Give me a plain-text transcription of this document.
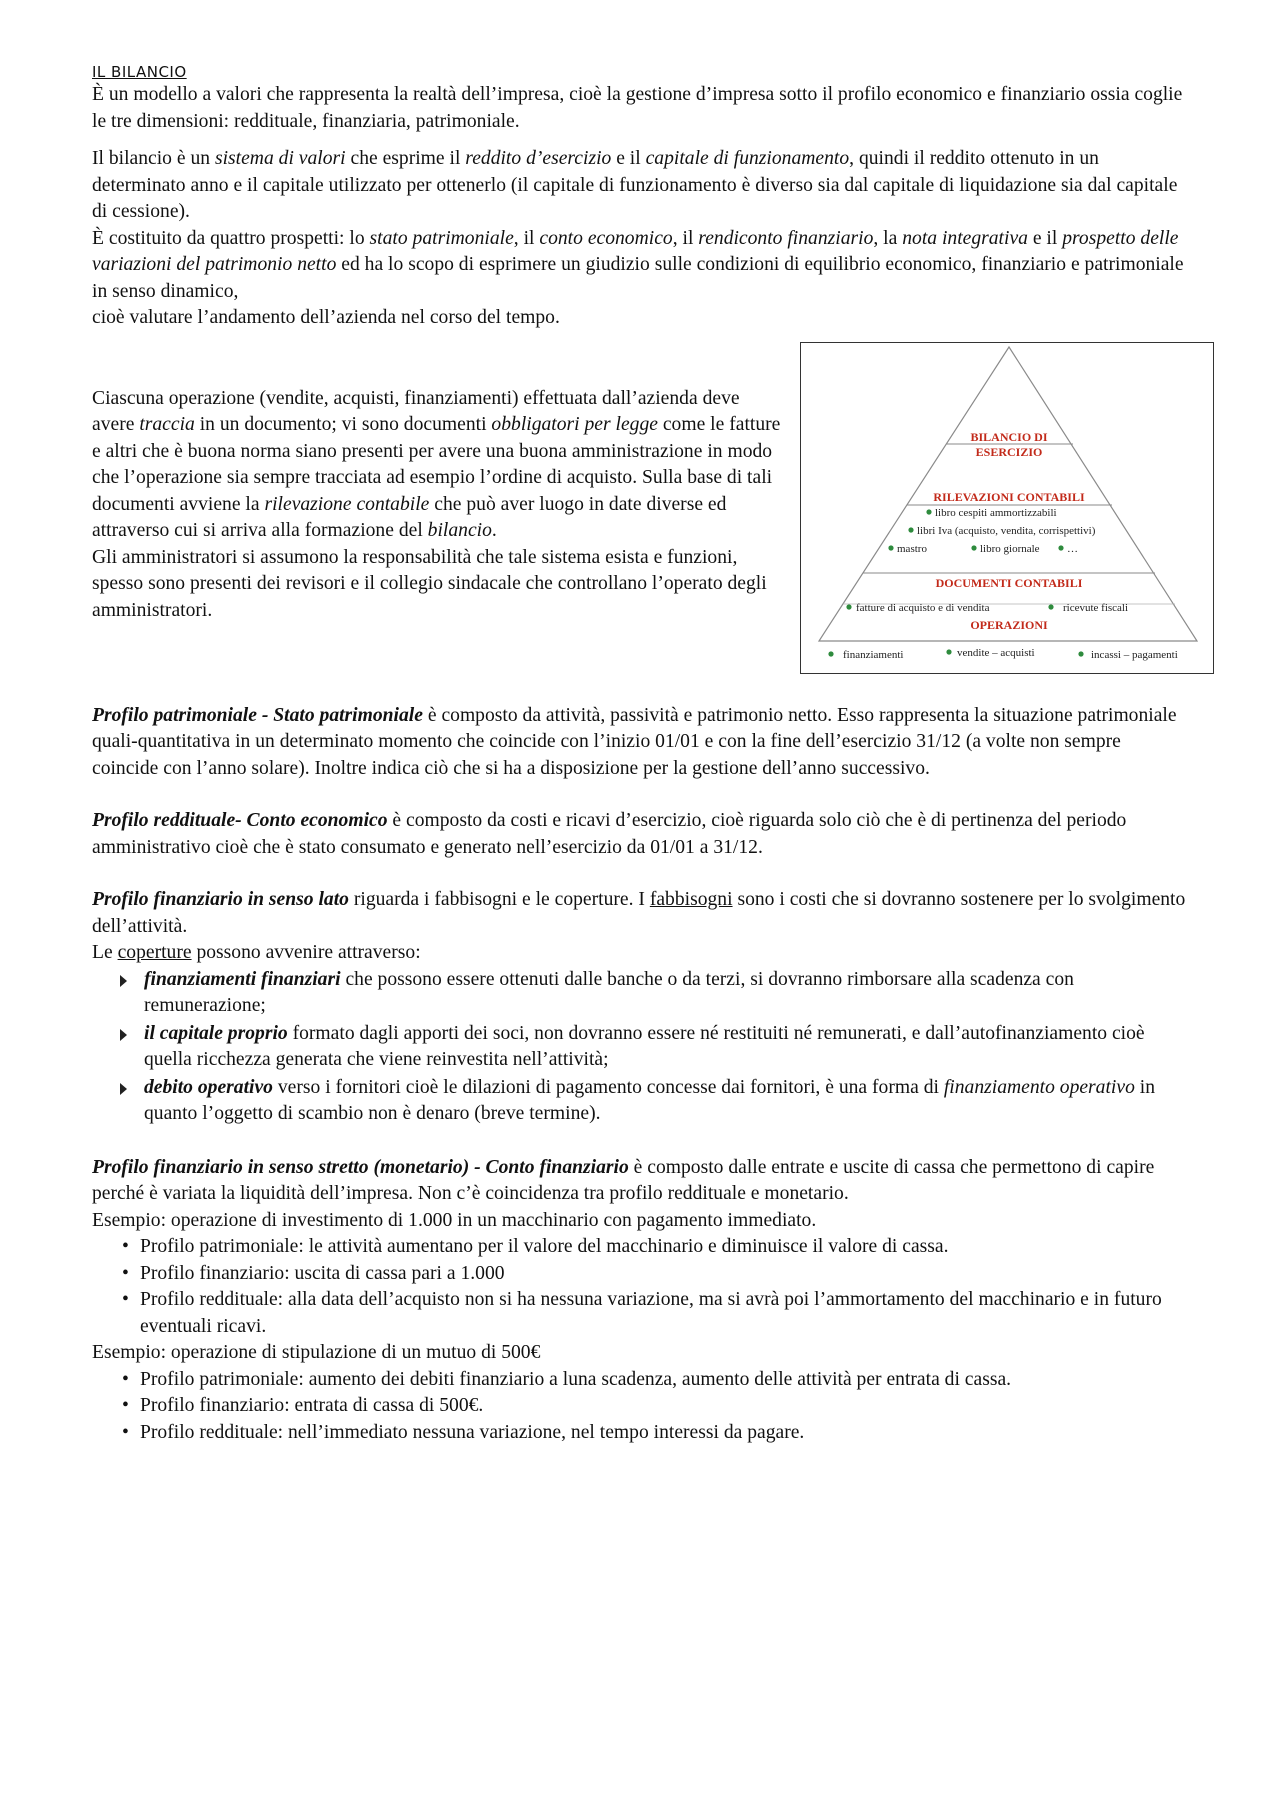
IL BILANCIO

È un modello a valori che rappresenta la realtà dell’impresa, cioè la gestione d’impresa sotto il profilo economico e finanziario ossia coglie le tre dimensioni: reddituale, finanziaria, patrimoniale.

Il bilancio è un sistema di valori che esprime il reddito d’esercizio e il capitale di funzionamento, quindi il reddito ottenuto in un determinato anno e il capitale utilizzato per ottenerlo (il capitale di funzionamento è diverso sia dal capitale di liquidazione sia dal capitale di cessione).

È costituito da quattro prospetti: lo stato patrimoniale, il conto economico, il rendiconto finanziario, la nota integrativa e il prospetto delle variazioni del patrimonio netto ed ha lo scopo di esprimere un giudizio sulle condizioni di equilibrio economico, finanziario e patrimoniale in senso dinamico,
cioè valutare l’andamento dell’azienda nel corso del tempo.

Ciascuna operazione (vendite, acquisti, finanziamenti) effettuata dall’azienda deve avere traccia in un documento; vi sono documenti obbligatori per legge come le fatture e altri che è buona norma siano presenti per avere una buona amministrazione in modo che l’operazione sia sempre tracciata ad esempio l’ordine di acquisto. Sulla base di tali documenti avviene la rilevazione contabile che può aver luogo in date diverse ed attraverso cui si arriva alla formazione del bilancio.

Gli amministratori si assumono la responsabilità che tale sistema esista e funzioni, spesso sono presenti dei revisori e il collegio sindacale che controllano l’operato degli amministratori.

BILANCIO DI
ESERCIZIO
RILEVAZIONI CONTABILI
libro cespiti ammortizzabili
libri Iva (acquisto, vendita, corrispettivi)
mastro	libro giornale …
DOCUMENTI CONTABILI
fatture di acquisto e di vendita	ricevute fiscali
OPERAZIONI
finanziamenti	vendite – acquisti	incassi – pagamenti

Profilo patrimoniale - Stato patrimoniale è composto da attività, passività e patrimonio netto. Esso rappresenta la situazione patrimoniale quali-quantitativa in un determinato momento che coincide con l’inizio 01/01 e con la fine dell’esercizio 31/12 (a volte non sempre coincide con l’anno solare). Inoltre indica ciò che si ha a disposizione per la gestione dell’anno successivo.

Profilo reddituale- Conto economico è composto da costi e ricavi d’esercizio, cioè riguarda solo ciò che è di pertinenza del periodo amministrativo cioè che è stato consumato e generato nell’esercizio da 01/01 a 31/12.

Profilo finanziario in senso lato riguarda i fabbisogni e le coperture. I fabbisogni sono i costi che si dovranno sostenere per lo svolgimento dell’attività.

Le coperture possono avvenire attraverso:

finanziamenti finanziari che possono essere ottenuti dalle banche o da terzi, si dovranno rimborsare alla scadenza con remunerazione;
il capitale proprio formato dagli apporti dei soci, non dovranno essere né restituiti né remunerati, e dall’autofinanziamento cioè quella ricchezza generata che viene reinvestita nell’attività;
debito operativo verso i fornitori cioè le dilazioni di pagamento concesse dai fornitori, è una forma di finanziamento operativo in quanto l’oggetto di scambio non è denaro (breve termine).

Profilo finanziario in senso stretto (monetario) - Conto finanziario è composto dalle entrate e uscite di cassa che permettono di capire perché è variata la liquidità dell’impresa. Non c’è coincidenza tra profilo reddituale e monetario.

Esempio: operazione di investimento di 1.000 in un macchinario con pagamento immediato.

• Profilo patrimoniale: le attività aumentano per il valore del macchinario e diminuisce il valore di cassa.
• Profilo finanziario: uscita di cassa pari a 1.000
• Profilo reddituale: alla data dell’acquisto non si ha nessuna variazione, ma si avrà poi l’ammortamento del macchinario e in futuro eventuali ricavi.

Esempio: operazione di stipulazione di un mutuo di 500€

• Profilo patrimoniale: aumento dei debiti finanziario a luna scadenza, aumento delle attività per entrata di cassa.
• Profilo finanziario: entrata di cassa di 500€.
• Profilo reddituale: nell’immediato nessuna variazione, nel tempo interessi da pagare.
